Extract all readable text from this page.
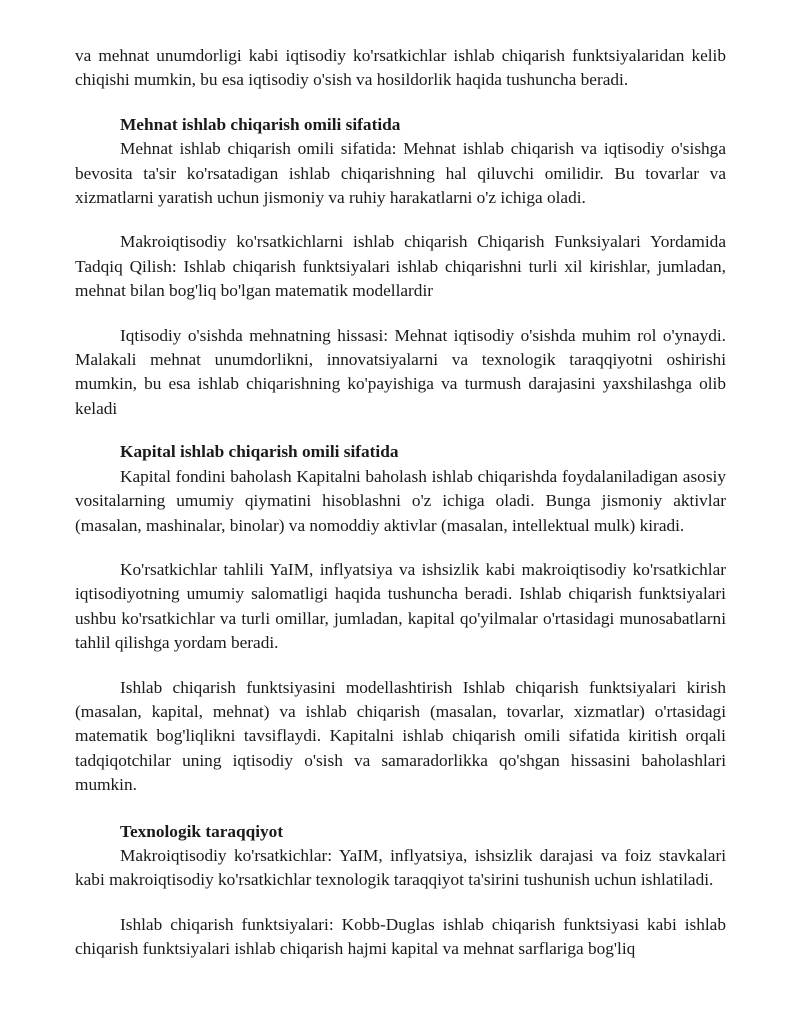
va mehnat unumdorligi kabi iqtisodiy ko'rsatkichlar ishlab chiqarish funktsiyalaridan kelib chiqishi mumkin, bu esa iqtisodiy o'sish va hosildorlik haqida tushuncha beradi.

Mehnat ishlab chiqarish omili sifatida

Mehnat ishlab chiqarish omili sifatida: Mehnat ishlab chiqarish va iqtisodiy o'sishga bevosita ta'sir ko'rsatadigan ishlab chiqarishning hal qiluvchi omilidir. Bu tovarlar va xizmatlarni yaratish uchun jismoniy va ruhiy harakatlarni o'z ichiga oladi.

Makroiqtisodiy ko'rsatkichlarni ishlab chiqarish Chiqarish Funksiyalari Yordamida Tadqiq Qilish: Ishlab chiqarish funktsiyalari ishlab chiqarishni turli xil kirishlar, jumladan, mehnat bilan bog'liq bo'lgan matematik modellardir

Iqtisodiy o'sishda mehnatning hissasi: Mehnat iqtisodiy o'sishda muhim rol o'ynaydi. Malakali mehnat unumdorlikni, innovatsiyalarni va texnologik taraqqiyotni oshirishi mumkin, bu esa ishlab chiqarishning ko'payishiga va turmush darajasini yaxshilashga olib keladi

Kapital ishlab chiqarish omili sifatida

Kapital fondini baholash Kapitalni baholash ishlab chiqarishda foydalaniladigan asosiy vositalarning umumiy qiymatini hisoblashni o'z ichiga oladi. Bunga jismoniy aktivlar (masalan, mashinalar, binolar) va nomoddiy aktivlar (masalan, intellektual mulk) kiradi.

Ko'rsatkichlar tahlili YaIM, inflyatsiya va ishsizlik kabi makroiqtisodiy ko'rsatkichlar iqtisodiyotning umumiy salomatligi haqida tushuncha beradi. Ishlab chiqarish funktsiyalari ushbu ko'rsatkichlar va turli omillar, jumladan, kapital qo'yilmalar o'rtasidagi munosabatlarni tahlil qilishga yordam beradi.

Ishlab chiqarish funktsiyasini modellashtirish Ishlab chiqarish funktsiyalari kirish (masalan, kapital, mehnat) va ishlab chiqarish (masalan, tovarlar, xizmatlar) o'rtasidagi matematik bog'liqlikni tavsiflaydi. Kapitalni ishlab chiqarish omili sifatida kiritish orqali tadqiqotchilar uning iqtisodiy o'sish va samaradorlikka qo'shgan hissasini baholashlari mumkin.

Texnologik taraqqiyot

Makroiqtisodiy ko'rsatkichlar: YaIM, inflyatsiya, ishsizlik darajasi va foiz stavkalari kabi makroiqtisodiy ko'rsatkichlar texnologik taraqqiyot ta'sirini tushunish uchun ishlatiladi.

Ishlab chiqarish funktsiyalari: Kobb-Duglas ishlab chiqarish funktsiyasi kabi ishlab chiqarish funktsiyalari ishlab chiqarish hajmi kapital va mehnat sarflariga bog'liq
